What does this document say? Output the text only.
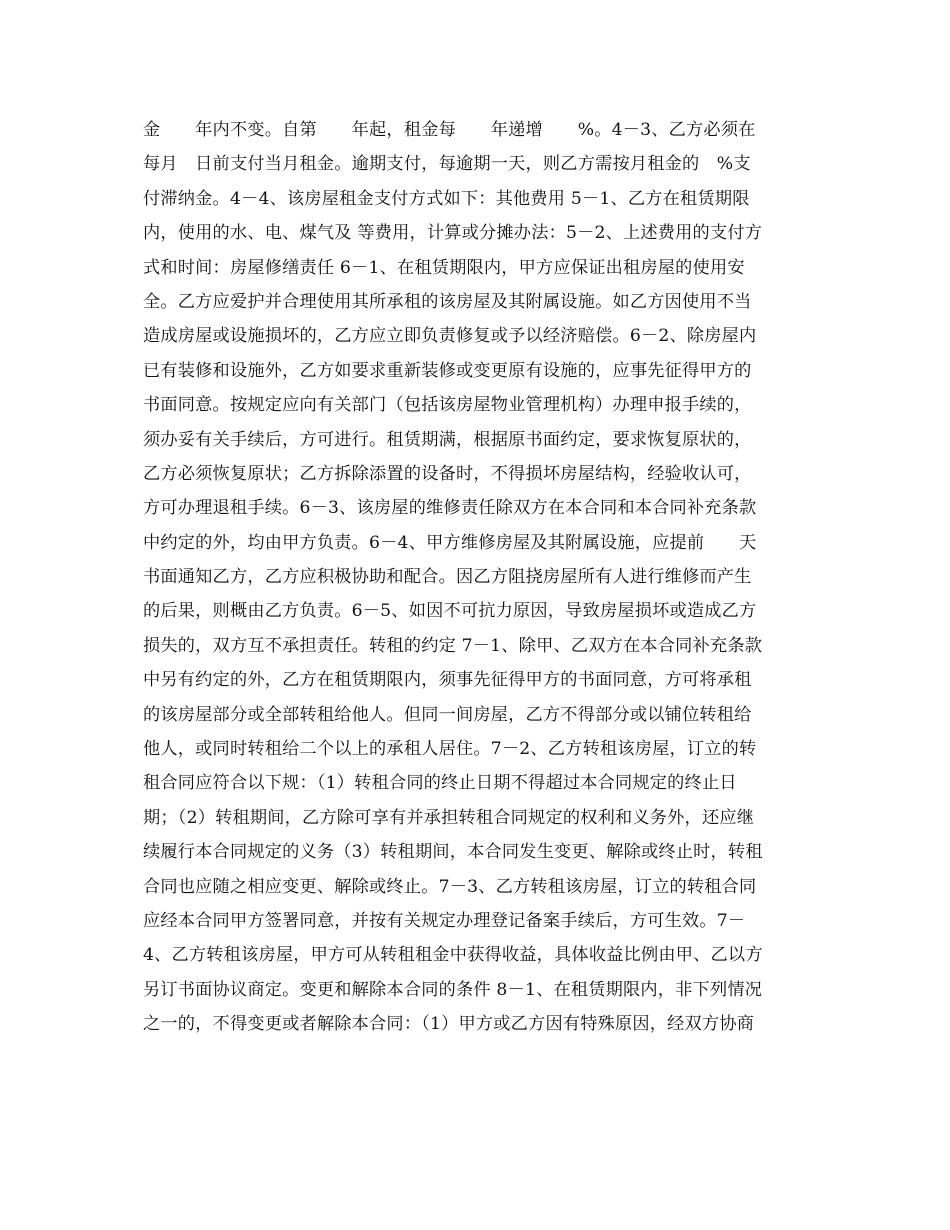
金　　年内不变。自第　　年起，租金每　　年递增　　%。4－3、乙方必须在
每月　日前支付当月租金。逾期支付，每逾期一天，则乙方需按月租金的　%支
付滞纳金。4－4、该房屋租金支付方式如下：其他费用 5－1、乙方在租赁期限
内，使用的水、电、煤气及 等费用，计算或分摊办法：5－2、上述费用的支付方
式和时间：房屋修缮责任 6－1、在租赁期限内，甲方应保证出租房屋的使用安
全。乙方应爱护并合理使用其所承租的该房屋及其附属设施。如乙方因使用不当
造成房屋或设施损坏的，乙方应立即负责修复或予以经济赔偿。6－2、除房屋内
已有装修和设施外，乙方如要求重新装修或变更原有设施的，应事先征得甲方的
书面同意。按规定应向有关部门（包括该房屋物业管理机构）办理申报手续的，
须办妥有关手续后，方可进行。租赁期满，根据原书面约定，要求恢复原状的，
乙方必须恢复原状；乙方拆除添置的设备时，不得损坏房屋结构，经验收认可，
方可办理退租手续。6－3、该房屋的维修责任除双方在本合同和本合同补充条款
中约定的外，均由甲方负责。6－4、甲方维修房屋及其附属设施，应提前　　天
书面通知乙方，乙方应积极协助和配合。因乙方阻挠房屋所有人进行维修而产生
的后果，则概由乙方负责。6－5、如因不可抗力原因，导致房屋损坏或造成乙方
损失的，双方互不承担责任。转租的约定 7－1、除甲、乙双方在本合同补充条款
中另有约定的外，乙方在租赁期限内，须事先征得甲方的书面同意，方可将承租
的该房屋部分或全部转租给他人。但同一间房屋，乙方不得部分或以铺位转租给
他人，或同时转租给二个以上的承租人居住。7－2、乙方转租该房屋，订立的转
租合同应符合以下规：（1）转租合同的终止日期不得超过本合同规定的终止日
期；（2）转租期间，乙方除可享有并承担转租合同规定的权利和义务外，还应继
续履行本合同规定的义务（3）转租期间，本合同发生变更、解除或终止时，转租
合同也应随之相应变更、解除或终止。7－3、乙方转租该房屋，订立的转租合同
应经本合同甲方签署同意，并按有关规定办理登记备案手续后，方可生效。7－
4、乙方转租该房屋，甲方可从转租租金中获得收益，具体收益比例由甲、乙以方
另订书面协议商定。变更和解除本合同的条件 8－1、在租赁期限内，非下列情况
之一的，不得变更或者解除本合同：（1）甲方或乙方因有特殊原因，经双方协商
